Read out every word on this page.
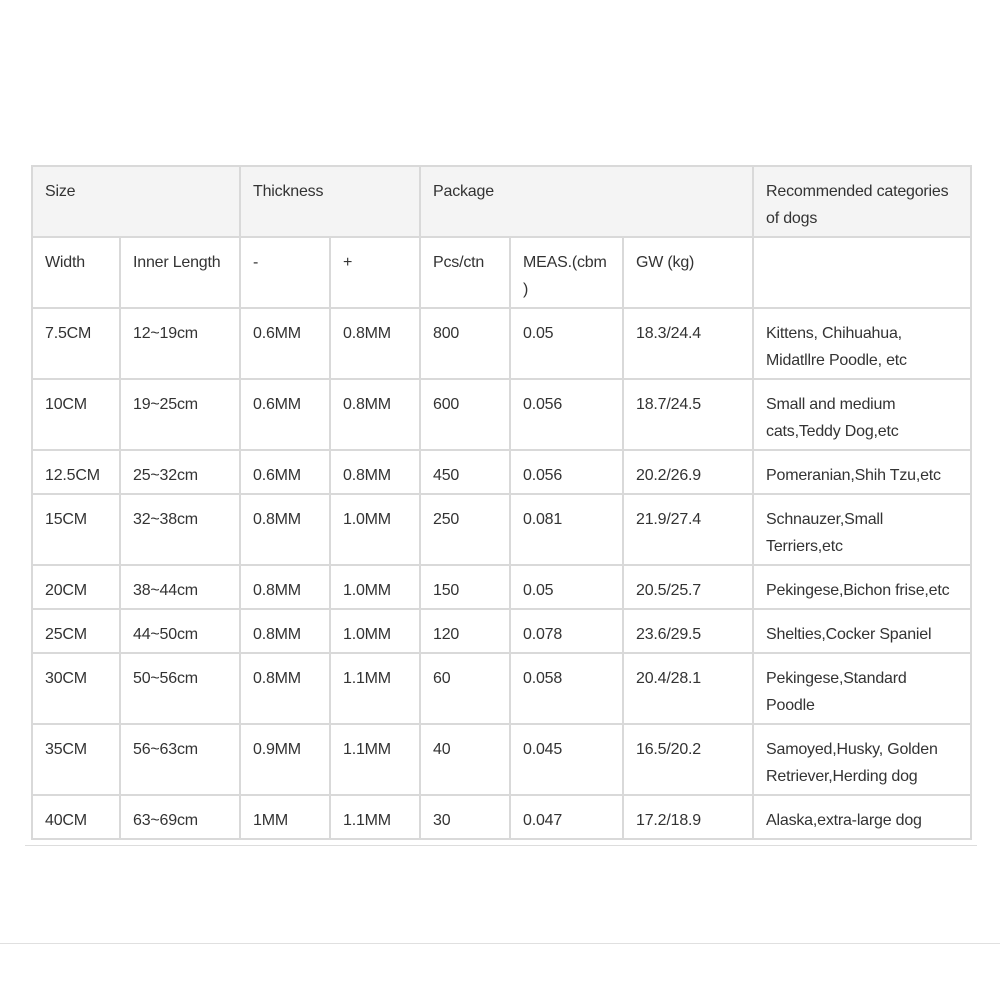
Size		Thickness		Package			Recommended categories of dogs
Width	Inner Length	-	+	Pcs/ctn	MEAS.(cbm )	GW (kg)	
7.5CM	12~19cm	0.6MM	0.8MM	800	0.05	18.3/24.4	Kittens, Chihuahua, Midatllre Poodle, etc
10CM	19~25cm	0.6MM	0.8MM	600	0.056	18.7/24.5	Small and medium cats,Teddy Dog,etc
12.5CM	25~32cm	0.6MM	0.8MM	450	0.056	20.2/26.9	Pomeranian,Shih Tzu,etc
15CM	32~38cm	0.8MM	1.0MM	250	0.081	21.9/27.4	Schnauzer,Small Terriers,etc
20CM	38~44cm	0.8MM	1.0MM	150	0.05	20.5/25.7	Pekingese,Bichon frise,etc
25CM	44~50cm	0.8MM	1.0MM	120	0.078	23.6/29.5	Shelties,Cocker Spaniel
30CM	50~56cm	0.8MM	1.1MM	60	0.058	20.4/28.1	Pekingese,Standard Poodle
35CM	56~63cm	0.9MM	1.1MM	40	0.045	16.5/20.2	Samoyed,Husky, Golden Retriever,Herding dog
40CM	63~69cm	1MM	1.1MM	30	0.047	17.2/18.9	Alaska,extra-large dog
